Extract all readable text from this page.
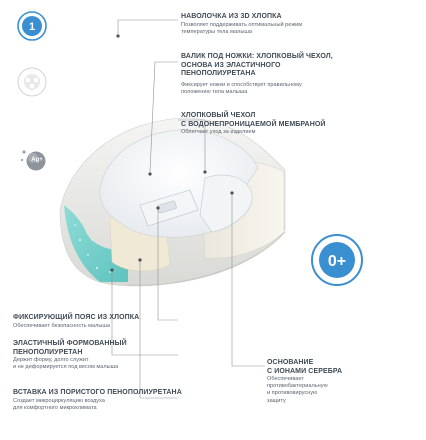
1
0+
Ag+
НАВОЛОЧКА ИЗ 3D ХЛОПКА
Позволяет поддерживать оптимальный режим
температуры тела малыша
ВАЛИК ПОД НОЖКИ: ХЛОПКОВЫЙ ЧЕХОЛ,
ОСНОВА ИЗ ЭЛАСТИЧНОГО
ПЕНОПОЛИУРЕТАНА
Фиксирует ножки и способствует правильному
положению тела малыша
ХЛОПКОВЫЙ ЧЕХОЛ
С ВОДОНЕПРОНИЦАЕМОЙ МЕМБРАНОЙ
Облегчает уход за изделием
ФИКСИРУЮЩИЙ ПОЯС ИЗ ХЛОПКА
Обеспечивает безопасность малыша
ЭЛАСТИЧНЫЙ ФОРМОВАННЫЙ
ПЕНОПОЛИУРЕТАН
Держит форму, долго служит
и не деформируется под весом малыша
ВСТАВКА ИЗ ПОРИСТОГО ПЕНОПОЛИУРЕТАНА
Создает микроциркуляцию воздуха
для комфортного микроклимата
ОСНОВАНИЕ
С ИОНАМИ СЕРЕБРА
Обеспечивает
противобактериальную
и противовирусную
защиту
